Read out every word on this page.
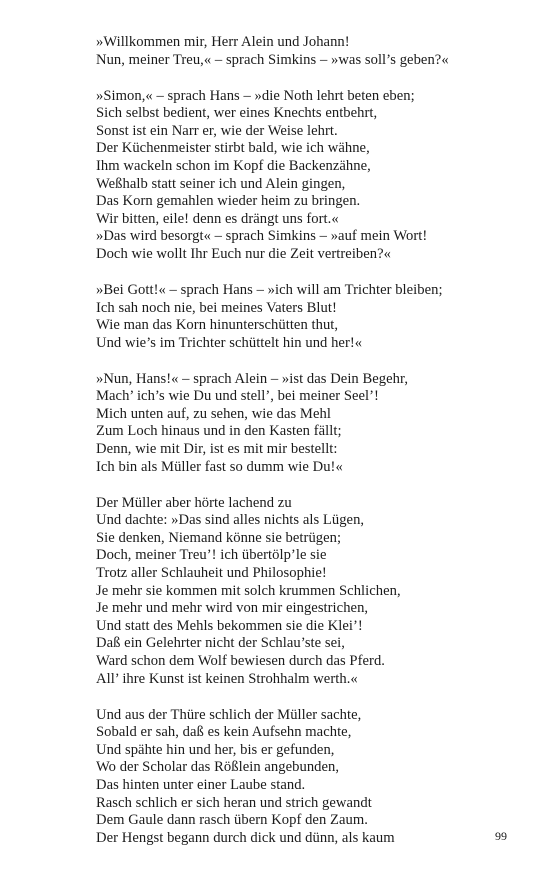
»Willkommen mir, Herr Alein und Johann!
Nun, meiner Treu,« – sprach Simkins – »was soll’s geben?«
»Simon,« – sprach Hans – »die Noth lehrt beten eben;
Sich selbst bedient, wer eines Knechts entbehrt,
Sonst ist ein Narr er, wie der Weise lehrt.
Der Küchenmeister stirbt bald, wie ich wähne,
Ihm wackeln schon im Kopf die Backenzähne,
Weßhalb statt seiner ich und Alein gingen,
Das Korn gemahlen wieder heim zu bringen.
Wir bitten, eile! denn es drängt uns fort.«
»Das wird besorgt« – sprach Simkins – »auf mein Wort!
Doch wie wollt Ihr Euch nur die Zeit vertreiben?«
»Bei Gott!« – sprach Hans – »ich will am Trichter bleiben;
Ich sah noch nie, bei meines Vaters Blut!
Wie man das Korn hinunterschütten thut,
Und wie’s im Trichter schüttelt hin und her!«
»Nun, Hans!« – sprach Alein – »ist das Dein Begehr,
Mach’ ich’s wie Du und stell’, bei meiner Seel’!
Mich unten auf, zu sehen, wie das Mehl
Zum Loch hinaus und in den Kasten fällt;
Denn, wie mit Dir, ist es mit mir bestellt:
Ich bin als Müller fast so dumm wie Du!«
Der Müller aber hörte lachend zu
Und dachte: »Das sind alles nichts als Lügen,
Sie denken, Niemand könne sie betrügen;
Doch, meiner Treu’! ich übertölp’le sie
Trotz aller Schlauheit und Philosophie!
Je mehr sie kommen mit solch krummen Schlichen,
Je mehr und mehr wird von mir eingestrichen,
Und statt des Mehls bekommen sie die Klei’!
Daß ein Gelehrter nicht der Schlau’ste sei,
Ward schon dem Wolf bewiesen durch das Pferd.
All’ ihre Kunst ist keinen Strohhalm werth.«
Und aus der Thüre schlich der Müller sachte,
Sobald er sah, daß es kein Aufsehn machte,
Und spähte hin und her, bis er gefunden,
Wo der Scholar das Rößlein angebunden,
Das hinten unter einer Laube stand.
Rasch schlich er sich heran und strich gewandt
Dem Gaule dann rasch übern Kopf den Zaum.
Der Hengst begann durch dick und dünn, als kaum	99
